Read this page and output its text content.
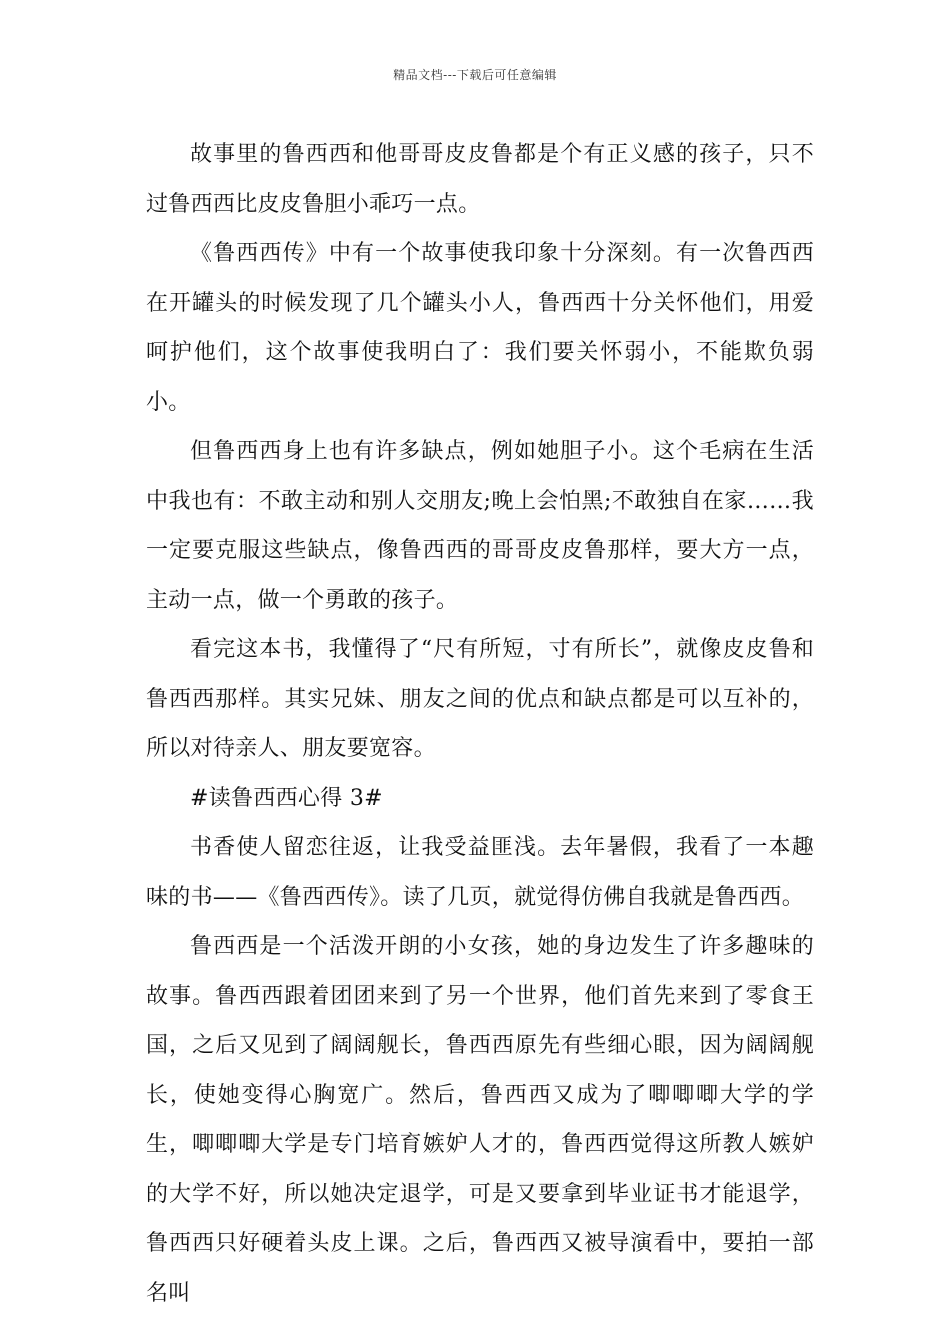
精品文档---下载后可任意编辑

故事里的鲁西西和他哥哥皮皮鲁都是个有正义感的孩子，只不过鲁西西比皮皮鲁胆小乖巧一点。

《鲁西西传》中有一个故事使我印象十分深刻。有一次鲁西西在开罐头的时候发现了几个罐头小人，鲁西西十分关怀他们，用爱呵护他们，这个故事使我明白了：我们要关怀弱小，不能欺负弱小。

但鲁西西身上也有许多缺点，例如她胆子小。这个毛病在生活中我也有：不敢主动和别人交朋友;晚上会怕黑;不敢独自在家……我一定要克服这些缺点，像鲁西西的哥哥皮皮鲁那样，要大方一点，主动一点，做一个勇敢的孩子。

看完这本书，我懂得了“尺有所短，寸有所长”，就像皮皮鲁和鲁西西那样。其实兄妹、朋友之间的优点和缺点都是可以互补的，所以对待亲人、朋友要宽容。

#读鲁西西心得 3#

书香使人留恋往返，让我受益匪浅。去年暑假，我看了一本趣味的书——《鲁西西传》。读了几页，就觉得仿佛自我就是鲁西西。

鲁西西是一个活泼开朗的小女孩，她的身边发生了许多趣味的故事。鲁西西跟着团团来到了另一个世界，他们首先来到了零食王国，之后又见到了阔阔舰长，鲁西西原先有些细心眼，因为阔阔舰长，使她变得心胸宽广。然后，鲁西西又成为了唧唧唧大学的学生，唧唧唧大学是专门培育嫉妒人才的，鲁西西觉得这所教人嫉妒的大学不好，所以她决定退学，可是又要拿到毕业证书才能退学，鲁西西只好硬着头皮上课。之后，鲁西西又被导演看中，要拍一部名叫
